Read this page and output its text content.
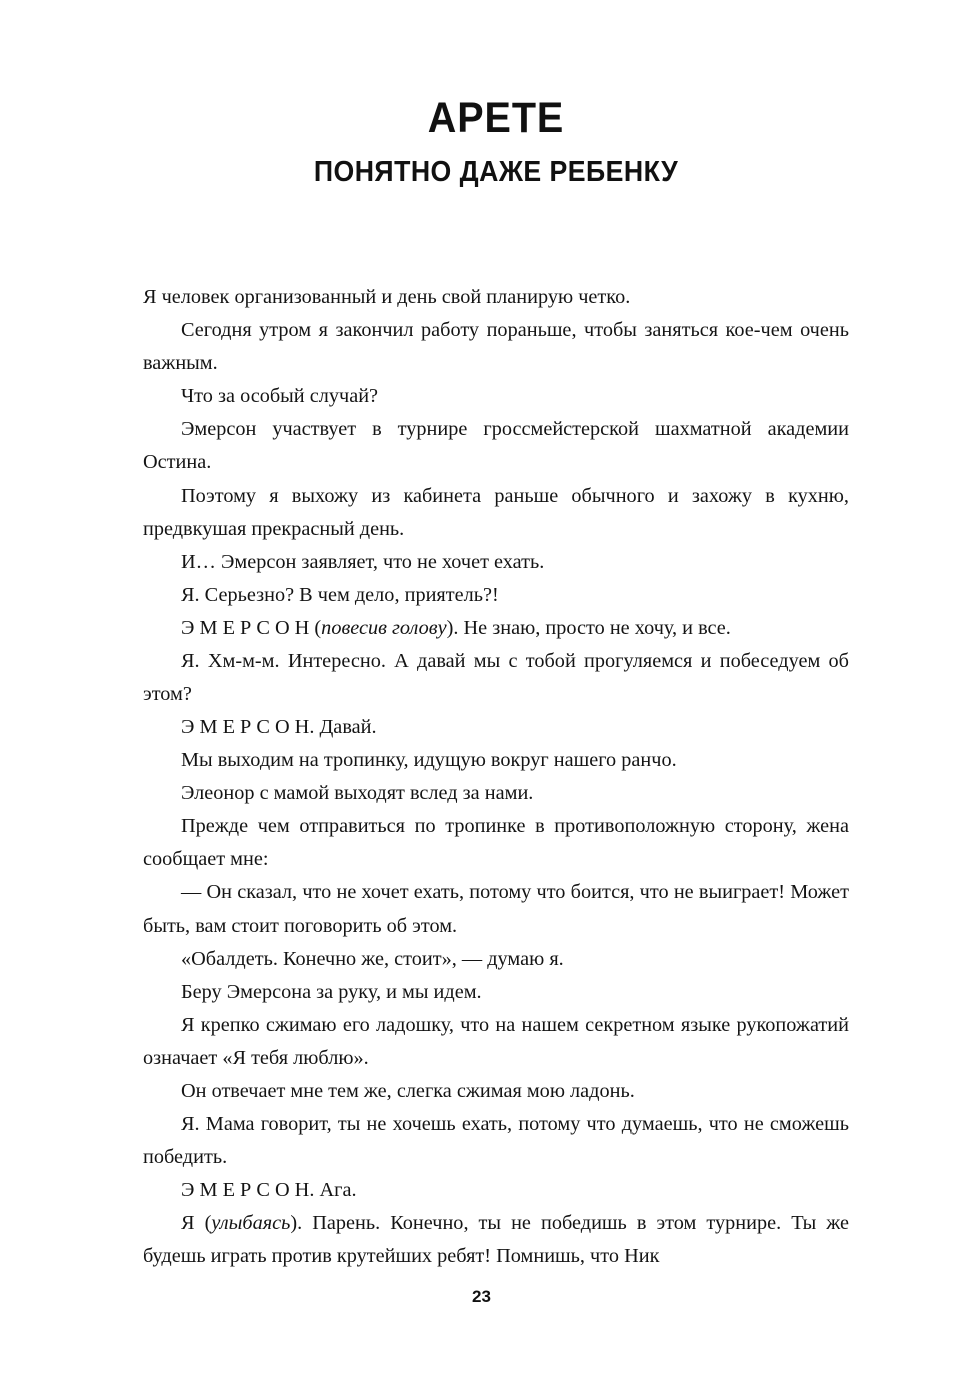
АРЕТЕ
ПОНЯТНО ДАЖЕ РЕБЕНКУ

Я человек организованный и день свой планирую четко.

Сегодня утром я закончил работу пораньше, чтобы заняться кое-чем очень важным.

Что за особый случай?

Эмерсон участвует в турнире гроссмейстерской шахматной академии Остина.

Поэтому я выхожу из кабинета раньше обычного и захожу в кухню, предвкушая прекрасный день.

И… Эмерсон заявляет, что не хочет ехать.

Я. Серьезно? В чем дело, приятель?!

Э М Е Р С О Н (повесив голову). Не знаю, просто не хочу, и все.

Я. Хм-м-м. Интересно. А давай мы с тобой прогуляемся и побеседуем об этом?

Э М Е Р С О Н. Давай.

Мы выходим на тропинку, идущую вокруг нашего ранчо.

Элеонор с мамой выходят вслед за нами.

Прежде чем отправиться по тропинке в противоположную сторону, жена сообщает мне:

— Он сказал, что не хочет ехать, потому что боится, что не выиграет! Может быть, вам стоит поговорить об этом.

«Обалдеть. Конечно же, стоит», — думаю я.

Беру Эмерсона за руку, и мы идем.

Я крепко сжимаю его ладошку, что на нашем секретном языке рукопожатий означает «Я тебя люблю».

Он отвечает мне тем же, слегка сжимая мою ладонь.

Я. Мама говорит, ты не хочешь ехать, потому что думаешь, что не сможешь победить.

Э М Е Р С О Н. Ага.

Я (улыбаясь). Парень. Конечно, ты не победишь в этом турнире. Ты же будешь играть против крутейших ребят! Помнишь, что Ник

23
